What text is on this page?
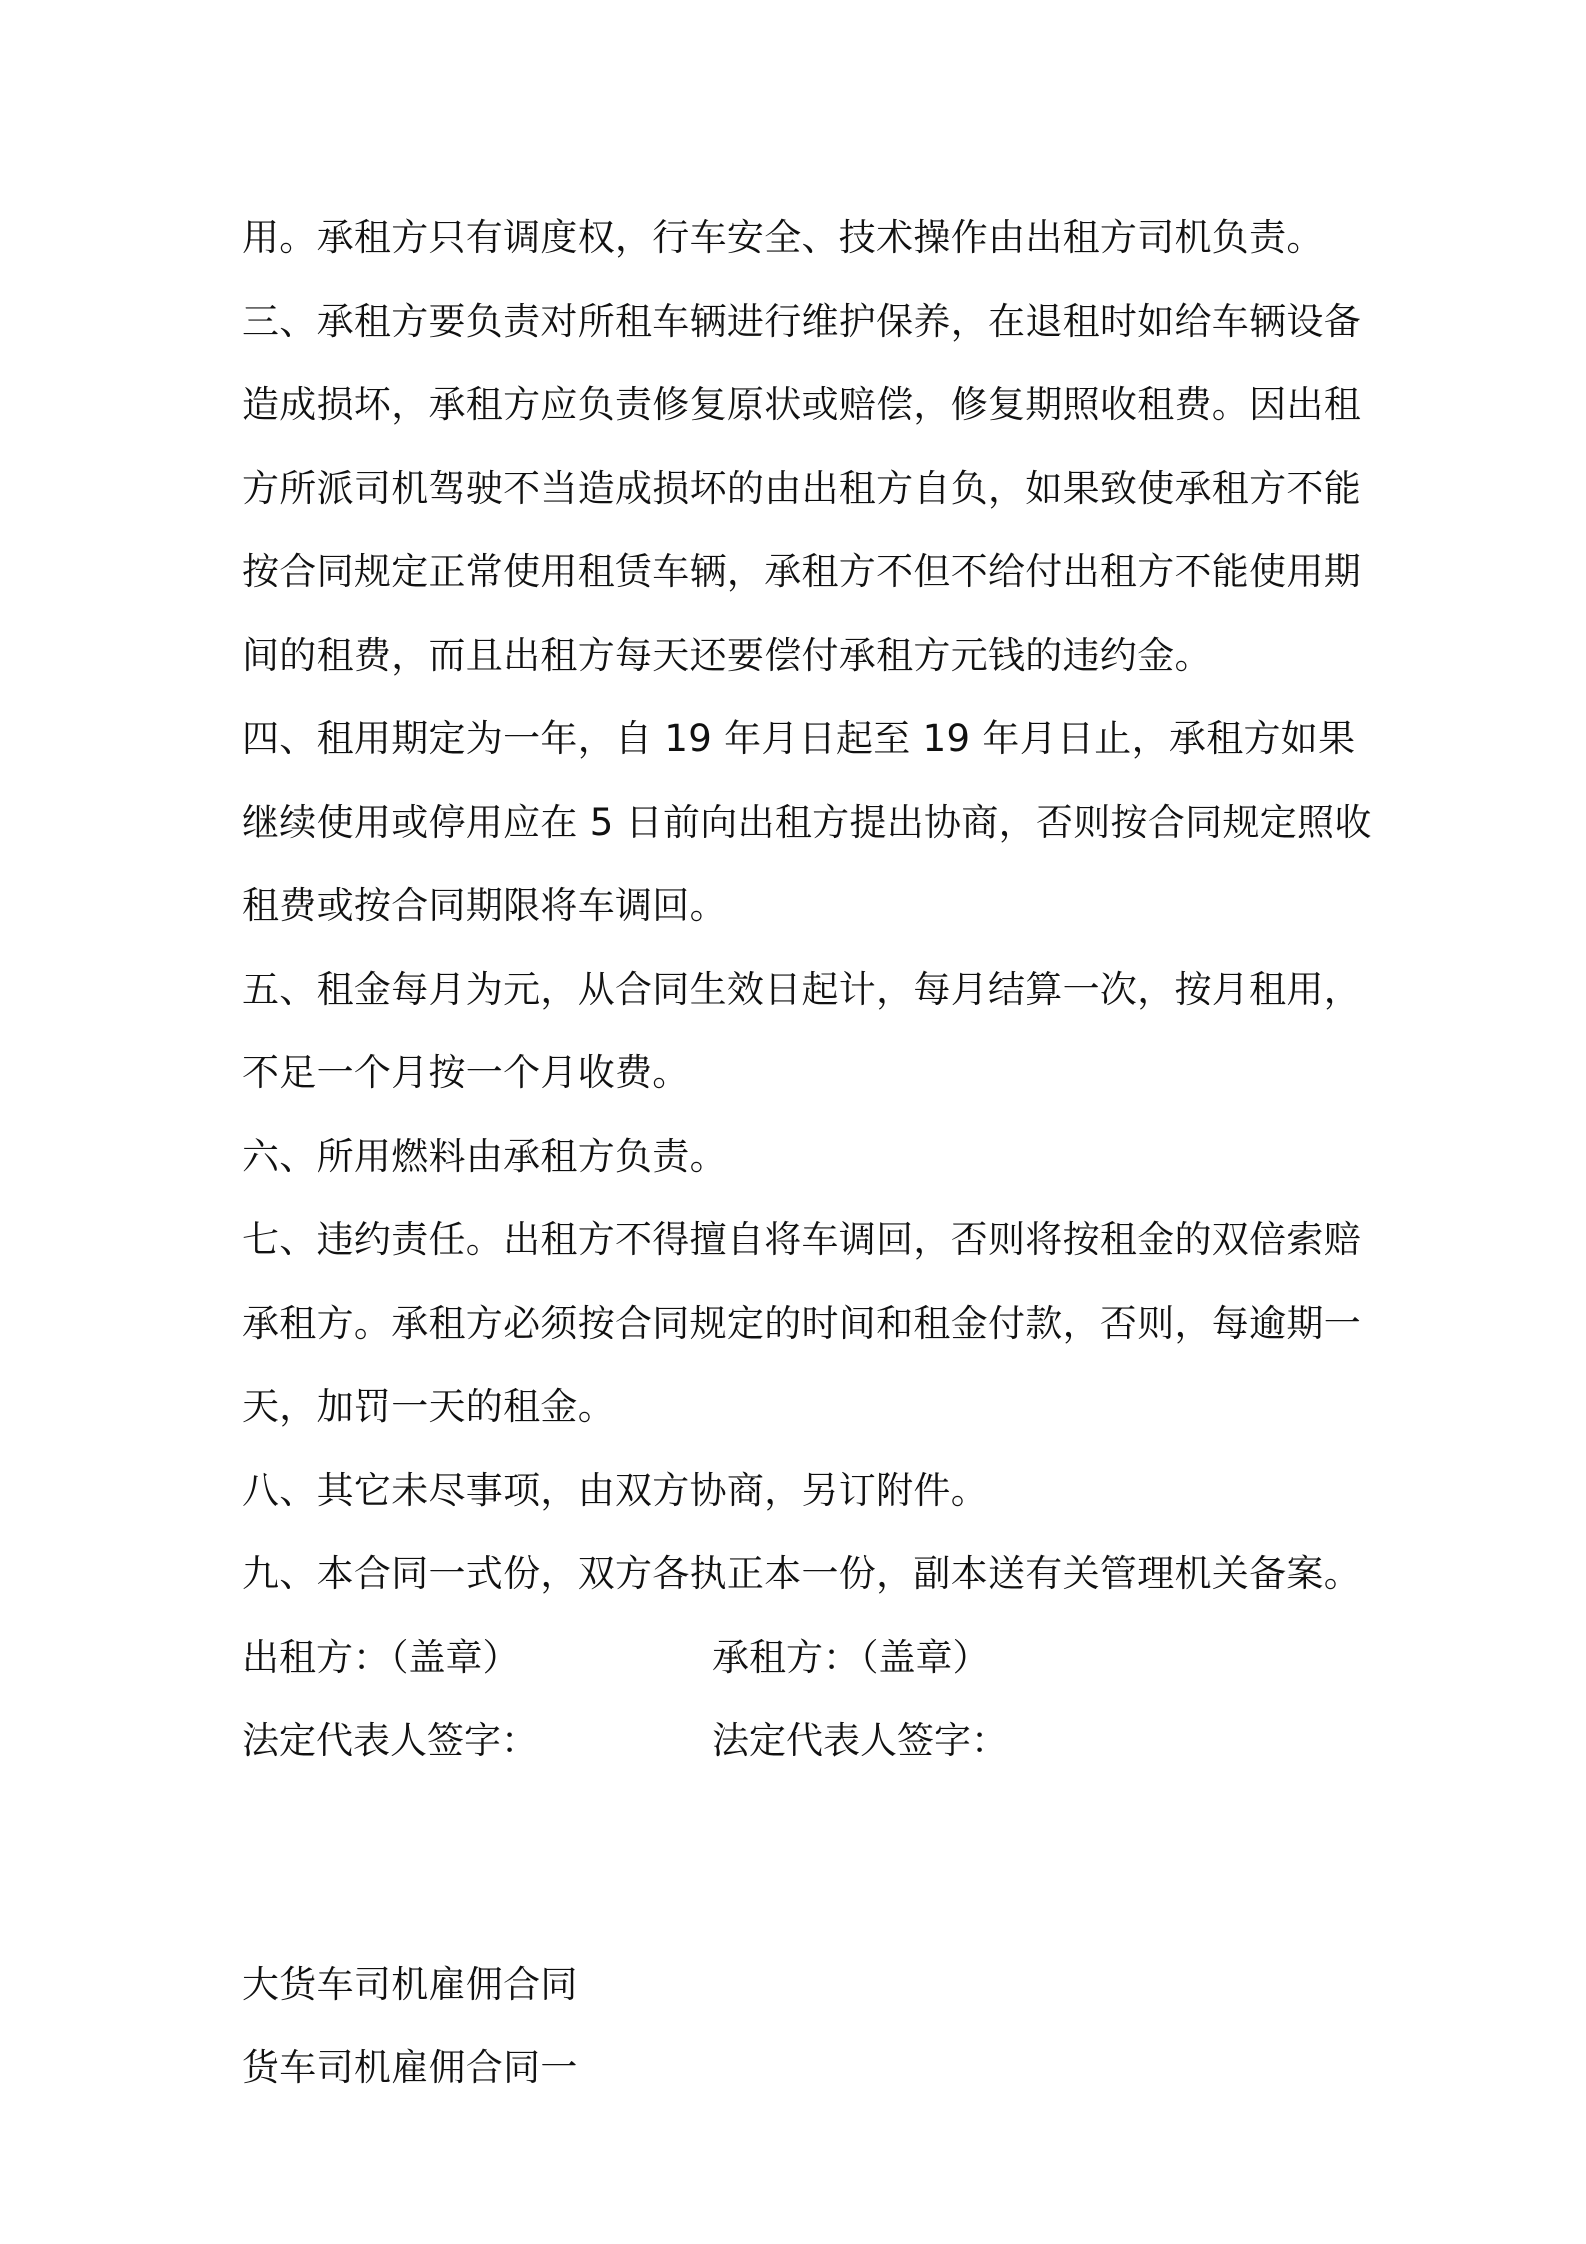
用。承租方只有调度权，行车安全、技术操作由出租方司机负责。
三、承租方要负责对所租车辆进行维护保养，在退租时如给车辆设备
造成损坏，承租方应负责修复原状或赔偿，修复期照收租费。因出租
方所派司机驾驶不当造成损坏的由出租方自负，如果致使承租方不能
按合同规定正常使用租赁车辆，承租方不但不给付出租方不能使用期
间的租费，而且出租方每天还要偿付承租方元钱的违约金。
四、租用期定为一年，自 19 年月日起至 19 年月日止，承租方如果
继续使用或停用应在 5 日前向出租方提出协商，否则按合同规定照收
租费或按合同期限将车调回。
五、租金每月为元，从合同生效日起计，每月结算一次，按月租用，
不足一个月按一个月收费。
六、所用燃料由承租方负责。
七、违约责任。出租方不得擅自将车调回，否则将按租金的双倍索赔
承租方。承租方必须按合同规定的时间和租金付款，否则，每逾期一
天，加罚一天的租金。
八、其它未尽事项，由双方协商，另订附件。
九、本合同一式份，双方各执正本一份，副本送有关管理机关备案。
出租方：（盖章）	承租方：（盖章）
法定代表人签字：	法定代表人签字：
大货车司机雇佣合同
货车司机雇佣合同一
